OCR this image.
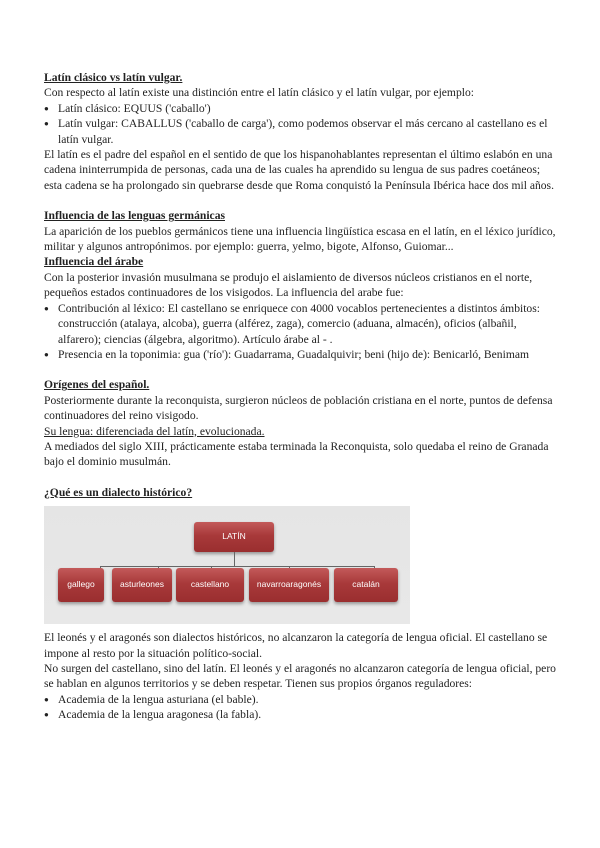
Latín clásico vs latín vulgar.

Con respecto al latín existe una distinción entre el latín clásico y el latín vulgar, por ejemplo:

● Latín clásico: EQUUS ('caballo')
● Latín vulgar: CABALLUS ('caballo de carga'), como podemos observar el más cercano al castellano es el latín vulgar.

El latín es el padre del español en el sentido de que los hispanohablantes representan el último eslabón en una cadena ininterrumpida de personas, cada una de las cuales ha aprendido su lengua de sus padres coetáneos; esta cadena se ha prolongado sin quebrarse desde que Roma conquistó la Península Ibérica hace dos mil años.

Influencia de las lenguas germánicas

La aparición de los pueblos germánicos tiene una influencia lingüística escasa en el latín, en el léxico jurídico, militar y algunos antropónimos. por ejemplo: guerra, yelmo, bigote, Alfonso, Guiomar...

Influencia del árabe

Con la posterior invasión musulmana se produjo el aislamiento de diversos núcleos cristianos en el norte, pequeños estados continuadores de los visigodos. La influencia del arabe fue:

● Contribución al léxico: El castellano se enriquece con 4000 vocablos pertenecientes a distintos ámbitos: construcción (atalaya, alcoba), guerra (alférez, zaga), comercio (aduana, almacén), oficios (albañil, alfarero); ciencias (álgebra, algoritmo). Artículo árabe al - .
● Presencia en la toponimia: gua ('río'): Guadarrama, Guadalquivir; beni (hijo de): Benicarló, Benimam
Orígenes del español.

Posteriormente durante la reconquista, surgieron núcleos de población cristiana en el norte, puntos de defensa continuadores del reino visigodo.

Su lengua: diferenciada del latín, evolucionada.

A mediados del siglo XIII, prácticamente estaba terminada la Reconquista, solo quedaba el reino de Granada bajo el dominio musulmán.

¿Qué es un dialecto histórico?
LATÍN
gallego	asturleones	castellano	navarroaragonés	catalán

El leonés y el aragonés son dialectos históricos, no alcanzaron la categoría de lengua oficial. El castellano se impone al resto por la situación político-social.

No surgen del castellano, sino del latín. El leonés y el aragonés no alcanzaron categoría de lengua oficial, pero se hablan en algunos territorios y se deben respetar. Tienen sus propios órganos reguladores:

● Academia de la lengua asturiana (el bable).
● Academia de la lengua aragonesa (la fabla).
